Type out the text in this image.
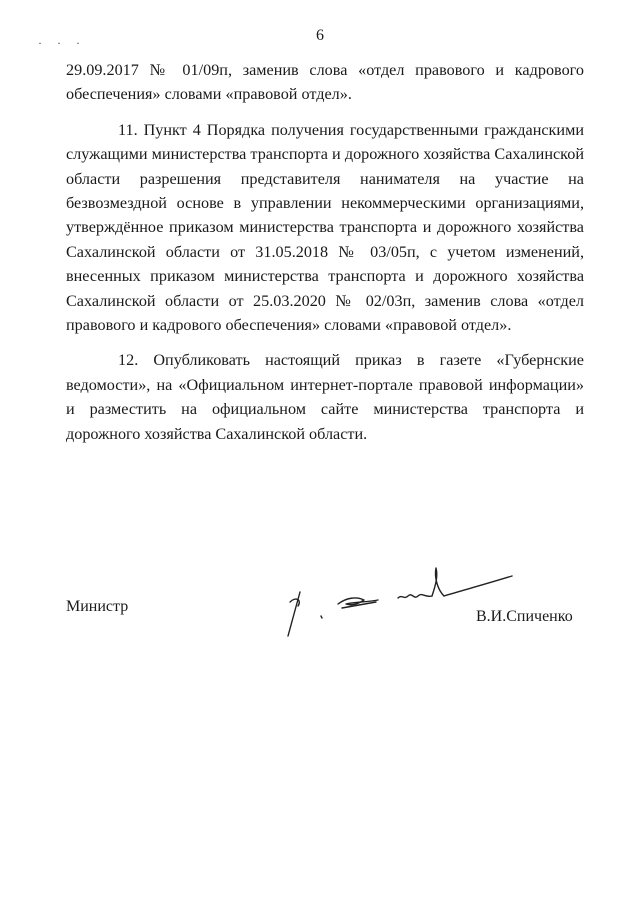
6
· · ·

29.09.2017 № 01/09п, заменив слова «отдел правового и кадрового обеспечения» словами «правовой отдел».

11. Пункт 4 Порядка получения государственными гражданскими служащими министерства транспорта и дорожного хозяйства Сахалинской области разрешения представителя нанимателя на участие на безвозмездной основе в управлении некоммерческими организациями, утверждённое приказом министерства транспорта и дорожного хозяйства Сахалинской области от 31.05.2018 № 03/05п, с учетом изменений, внесенных приказом министерства транспорта и дорожного хозяйства Сахалинской области от 25.03.2020 № 02/03п, заменив слова «отдел правового и кадрового обеспечения» словами «правовой отдел».

12. Опубликовать настоящий приказ в газете «Губернские ведомости», на «Официальном интернет-портале правовой информации» и разместить на официальном сайте министерства транспорта и дорожного хозяйства Сахалинской области.

Министр
В.И.Спиченко
